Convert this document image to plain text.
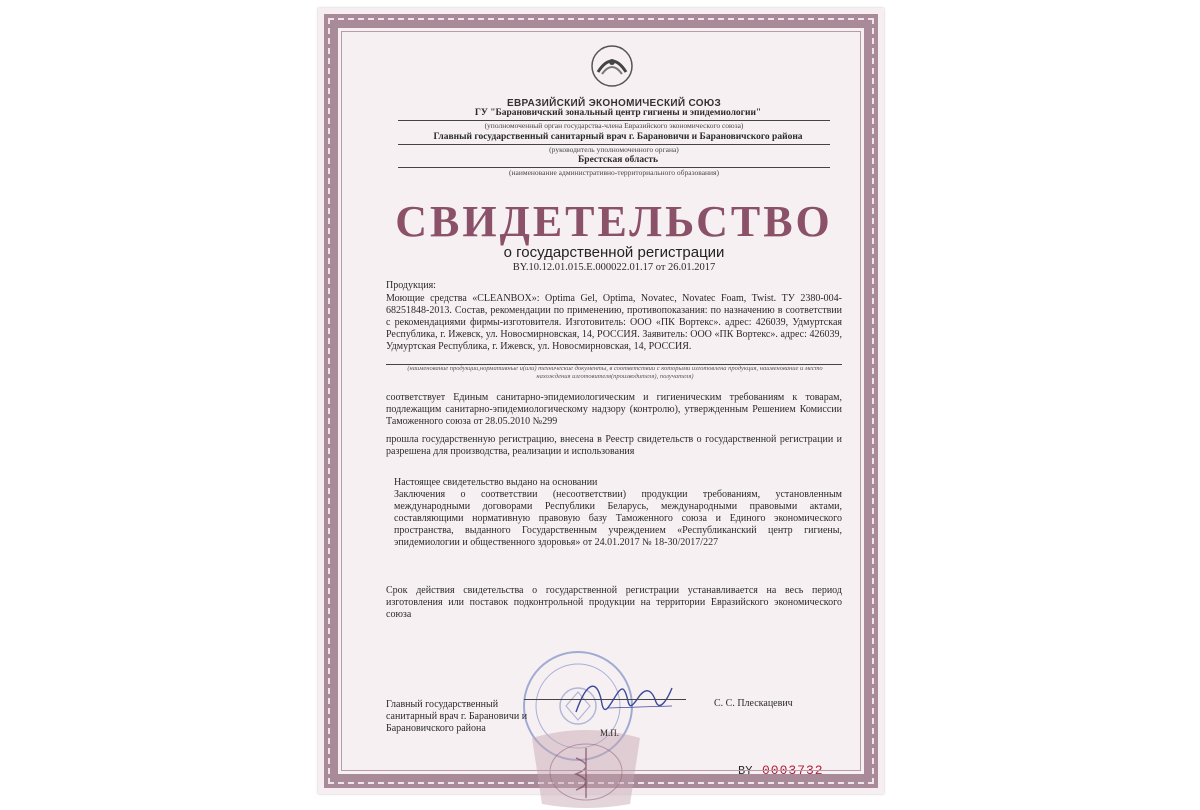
ЕВРАЗИЙСКИЙ ЭКОНОМИЧЕСКИЙ СОЮЗ
ГУ "Барановичский зональный центр гигиены и эпидемиологии"
(уполномоченный орган государства-члена Евразийского экономического союза)
Главный государственный санитарный врач г. Барановичи и Барановичского района
(руководитель уполномоченного органа)
Брестская область
(наименование административно-территориального образования)
СВИДЕТЕЛЬСТВО
о государственной регистрации
BY.10.12.01.015.Е.000022.01.17 от 26.01.2017
Продукция:
Моющие средства «CLEANBOX»: Optima Gel, Optima, Novatec, Novatec Foam, Twist. ТУ 2380-004-68251848-2013. Состав, рекомендации по применению, противопоказания: по назначению в соответствии с рекомендациями фирмы-изготовителя. Изготовитель: ООО «ПК Вортекс». адрес: 426039, Удмуртская Республика, г. Ижевск, ул. Новосмирновская, 14, РОССИЯ. Заявитель: ООО «ПК Вортекс». адрес: 426039, Удмуртская Республика, г. Ижевск, ул. Новосмирновская, 14, РОССИЯ.
(наименование продукции,нормативные и(или) технические документы, в соответствии с которыми изготовлена продукция, наименование и место нахождения изготовителя(производителя), получателя)
соответствует Единым санитарно-эпидемиологическим и гигиеническим требованиям к товарам, подлежащим санитарно-эпидемиологическому надзору (контролю), утвержденным Решением Комиссии Таможенного союза от 28.05.2010 №299
прошла государственную регистрацию, внесена в Реестр свидетельств о государственной регистрации и разрешена для производства, реализации и использования
Настоящее свидетельство выдано на основании
Заключения о соответствии (несоответствии) продукции требованиям, установленным международными договорами Республики Беларусь, международными правовыми актами, составляющими нормативную правовую базу Таможенного союза и Единого экономического пространства, выданного Государственным учреждением «Республиканский центр гигиены, эпидемиологии и общественного здоровья» от 24.01.2017 № 18-30/2017/227
Срок действия свидетельства о государственной регистрации устанавливается на весь период изготовления или поставок подконтрольной продукции на территории Евразийского экономического союза
Главный государственный
санитарный врач г. Барановичи и
Барановичского района
С. С. Плескацевич
М.П.
BY 0003732
